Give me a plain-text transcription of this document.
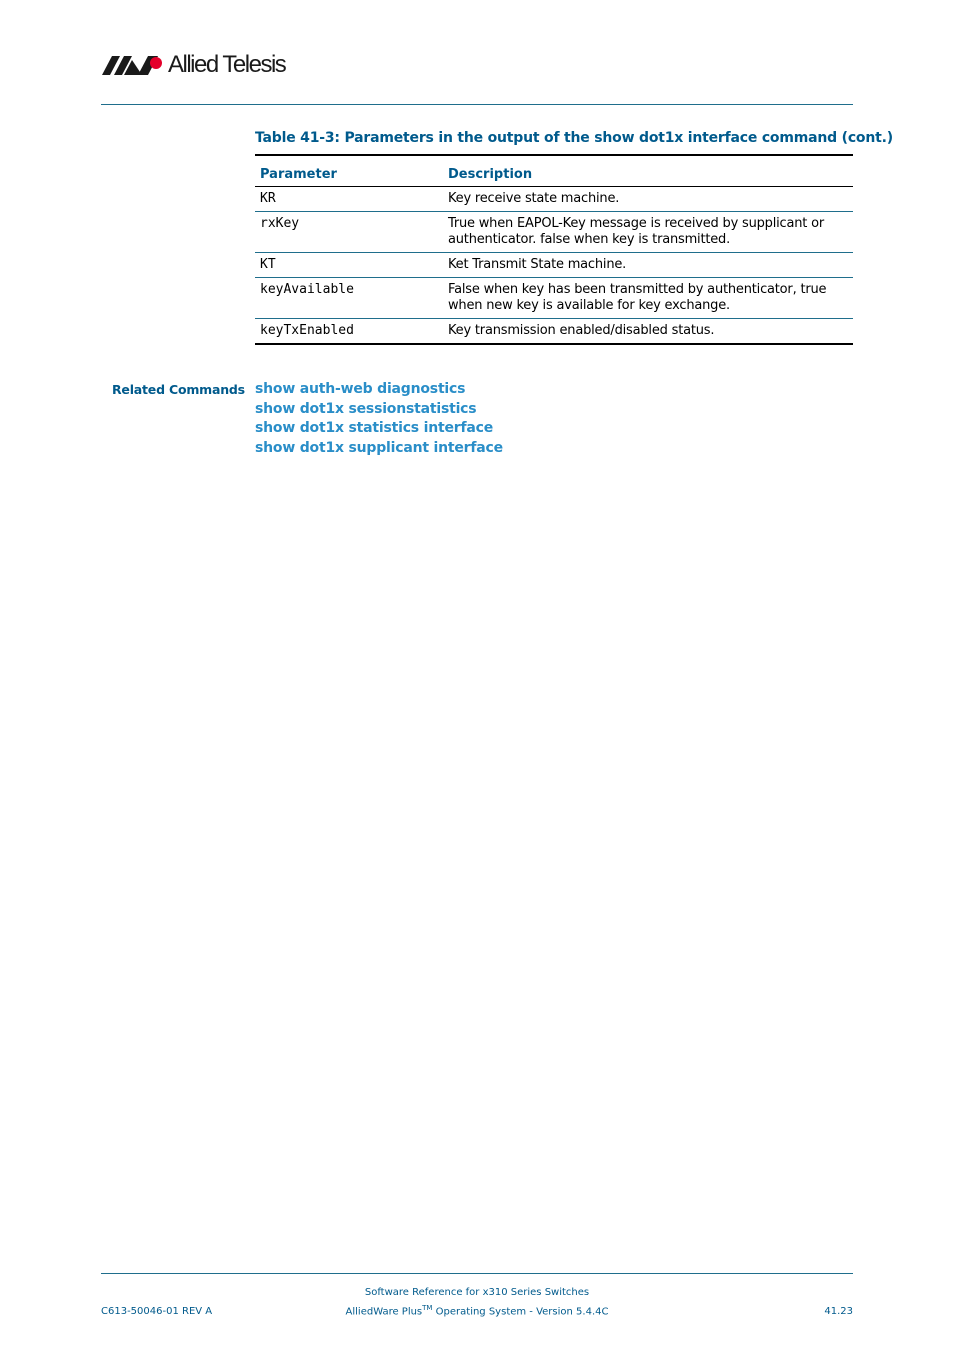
Allied Telesis
Table 41-3: Parameters in the output of the show dot1x interface command (cont.)
Parameter	Description
KR	Key receive state machine.
rxKey	True when EAPOL-Key message is received by supplicant or authenticator. false when key is transmitted.
KT	Ket Transmit State machine.
keyAvailable	False when key has been transmitted by authenticator, true when new key is available for key exchange.
keyTxEnabled	Key transmission enabled/disabled status.
Related Commands show auth-web diagnostics
show dot1x sessionstatistics
show dot1x statistics interface
show dot1x supplicant interface
Software Reference for x310 Series Switches
AlliedWare Plus™ Operating System - Version 5.4.4C
C613-50046-01 REV A	41.23
